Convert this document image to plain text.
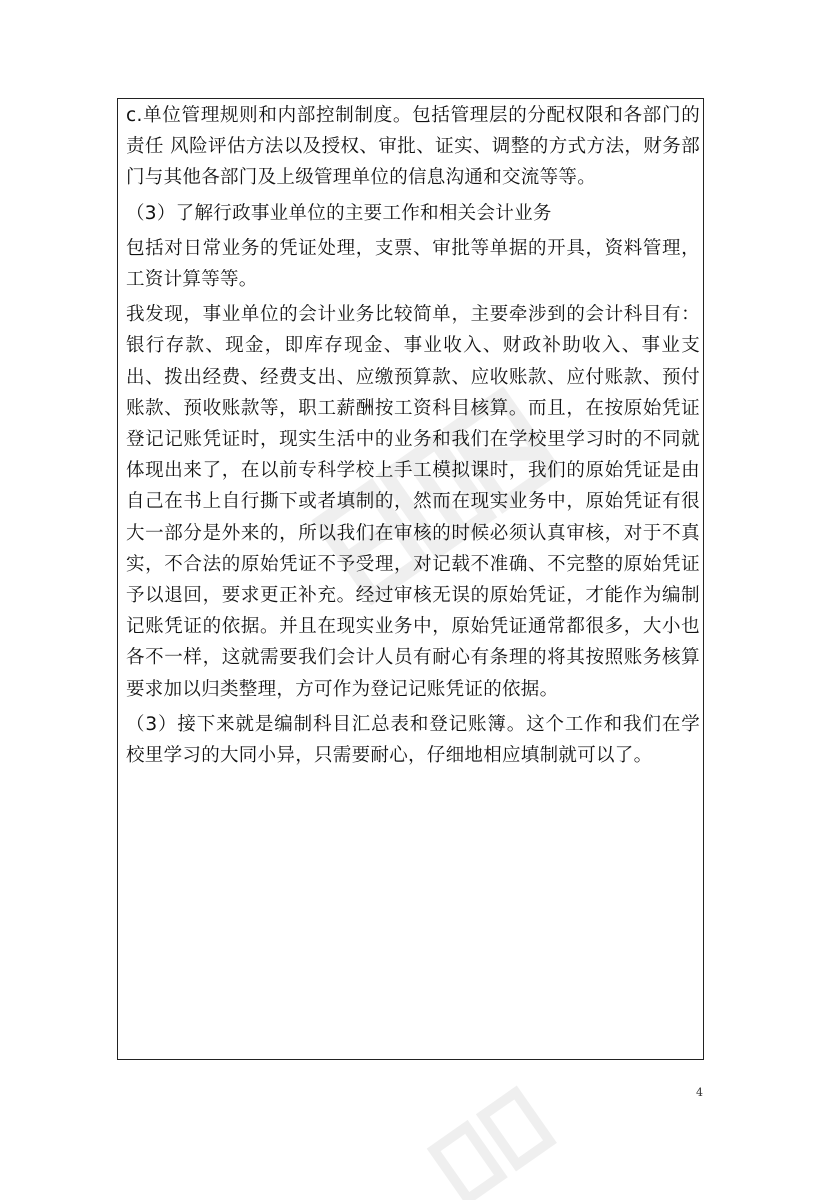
c.单位管理规则和内部控制制度。包括管理层的分配权限和各部门的责任 风险评估方法以及授权、审批、证实、调整的方式方法，财务部门与其他各部门及上级管理单位的信息沟通和交流等等。

（3）了解行政事业单位的主要工作和相关会计业务

包括对日常业务的凭证处理，支票、审批等单据的开具，资料管理，工资计算等等。

我发现，事业单位的会计业务比较简单，主要牵涉到的会计科目有：银行存款、现金，即库存现金、事业收入、财政补助收入、事业支出、拨出经费、经费支出、应缴预算款、应收账款、应付账款、预付账款、预收账款等，职工薪酬按工资科目核算。而且，在按原始凭证登记记账凭证时，现实生活中的业务和我们在学校里学习时的不同就体现出来了，在以前专科学校上手工模拟课时，我们的原始凭证是由自己在书上自行撕下或者填制的，然而在现实业务中，原始凭证有很大一部分是外来的，所以我们在审核的时候必须认真审核，对于不真实，不合法的原始凭证不予受理，对记载不准确、不完整的原始凭证予以退回，要求更正补充。经过审核无误的原始凭证，才能作为编制记账凭证的依据。并且在现实业务中，原始凭证通常都很多，大小也各不一样，这就需要我们会计人员有耐心有条理的将其按照账务核算要求加以归类整理，方可作为登记记账凭证的依据。

（3）接下来就是编制科目汇总表和登记账簿。这个工作和我们在学校里学习的大同小异，只需要耐心，仔细地相应填制就可以了。

4
